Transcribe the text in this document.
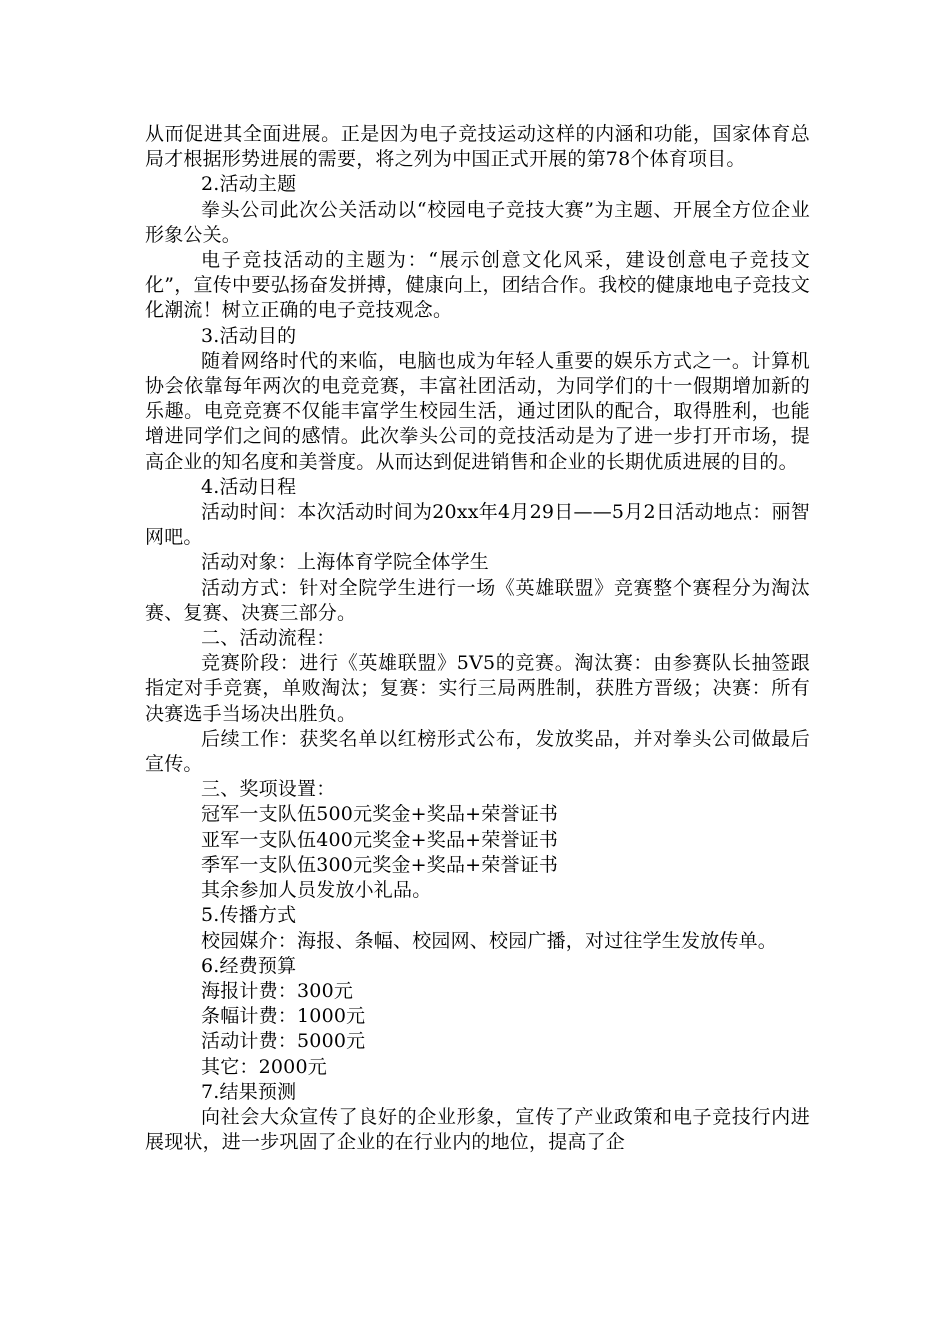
从而促进其全面进展。正是因为电子竞技运动这样的内涵和功能，国家体育总局才根据形势进展的需要，将之列为中国正式开展的第78个体育项目。

2.活动主题

拳头公司此次公关活动以“校园电子竞技大赛”为主题、开展全方位企业形象公关。

电子竞技活动的主题为：“展示创意文化风采，建设创意电子竞技文化”，宣传中要弘扬奋发拼搏，健康向上，团结合作。我校的健康地电子竞技文化潮流！树立正确的电子竞技观念。

3.活动目的

随着网络时代的来临，电脑也成为年轻人重要的娱乐方式之一。计算机协会依靠每年两次的电竞竞赛，丰富社团活动，为同学们的十一假期增加新的乐趣。电竞竞赛不仅能丰富学生校园生活，通过团队的配合，取得胜利，也能增进同学们之间的感情。此次拳头公司的竞技活动是为了进一步打开市场，提高企业的知名度和美誉度。从而达到促进销售和企业的长期优质进展的目的。

4.活动日程

活动时间：本次活动时间为20xx年4月29日——5月2日活动地点：丽智网吧。

活动对象：上海体育学院全体学生

活动方式：针对全院学生进行一场《英雄联盟》竞赛整个赛程分为淘汰赛、复赛、决赛三部分。

二、活动流程：

竞赛阶段：进行《英雄联盟》5V5的竞赛。淘汰赛：由参赛队长抽签跟指定对手竞赛，单败淘汰；复赛：实行三局两胜制，获胜方晋级；决赛：所有决赛选手当场决出胜负。

后续工作：获奖名单以红榜形式公布，发放奖品，并对拳头公司做最后宣传。

三、奖项设置：

冠军一支队伍500元奖金+奖品+荣誉证书

亚军一支队伍400元奖金+奖品+荣誉证书

季军一支队伍300元奖金+奖品+荣誉证书

其余参加人员发放小礼品。

5.传播方式

校园媒介：海报、条幅、校园网、校园广播，对过往学生发放传单。

6.经费预算

海报计费：300元

条幅计费：1000元

活动计费：5000元

其它：2000元

7.结果预测

向社会大众宣传了良好的企业形象，宣传了产业政策和电子竞技行内进展现状，进一步巩固了企业的在行业内的地位，提高了企
